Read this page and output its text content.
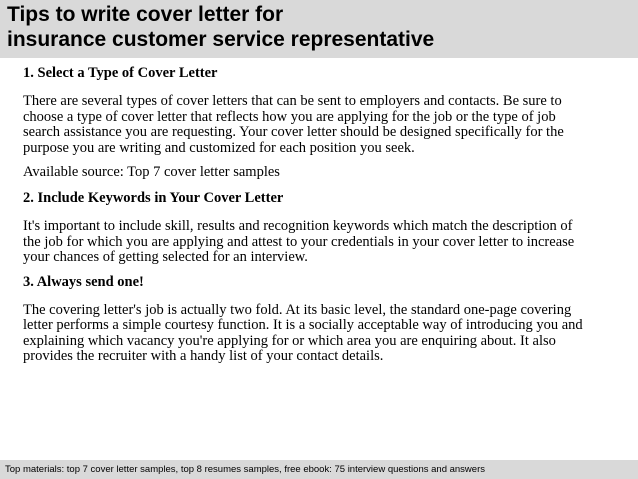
Tips to write cover letter for
insurance customer service representative
1. Select a Type of Cover Letter
There are several types of cover letters that can be sent to employers and contacts. Be sure to
choose a type of cover letter that reflects how you are applying for the job or the type of job
search assistance you are requesting. Your cover letter should be designed specifically for the
purpose you are writing and customized for each position you seek.
Available source: Top 7 cover letter samples
2. Include Keywords in Your Cover Letter
It's important to include skill, results and recognition keywords which match the description of
the job for which you are applying and attest to your credentials in your cover letter to increase
your chances of getting selected for an interview.
3. Always send one!
The covering letter's job is actually two fold. At its basic level, the standard one-page covering
letter performs a simple courtesy function. It is a socially acceptable way of introducing you and
explaining which vacancy you're applying for or which area you are enquiring about. It also
provides the recruiter with a handy list of your contact details.
Top materials: top 7 cover letter samples, top 8 resumes samples, free ebook: 75 interview questions and answers
